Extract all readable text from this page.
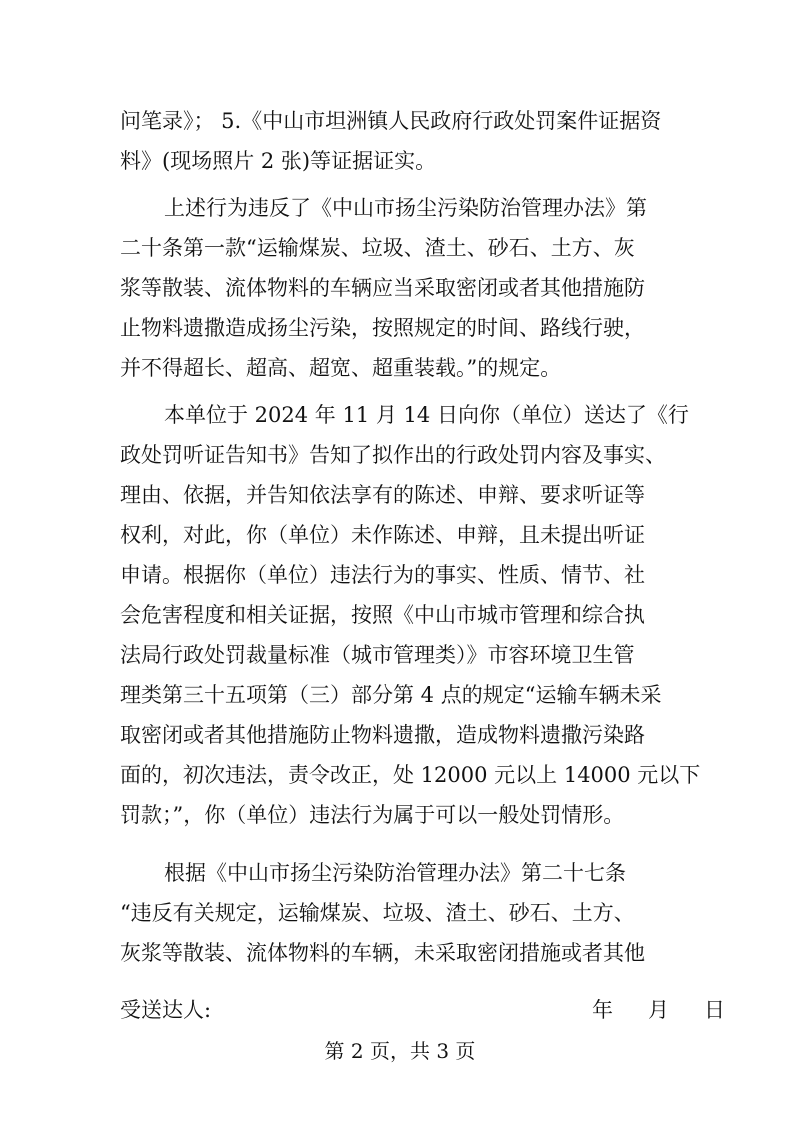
问笔录》； 5.《中山市坦洲镇人民政府行政处罚案件证据资
料》(现场照片 2 张)等证据证实。
上述行为违反了《中山市扬尘污染防治管理办法》第
二十条第一款“运输煤炭、垃圾、渣土、砂石、土方、灰
浆等散装、流体物料的车辆应当采取密闭或者其他措施防
止物料遗撒造成扬尘污染，按照规定的时间、路线行驶，
并不得超长、超高、超宽、超重装载。”的规定。
本单位于 2024 年 11 月 14 日向你（单位）送达了《行
政处罚听证告知书》告知了拟作出的行政处罚内容及事实、
理由、依据，并告知依法享有的陈述、申辩、要求听证等
权利，对此，你（单位）未作陈述、申辩，且未提出听证
申请。根据你（单位）违法行为的事实、性质、情节、社
会危害程度和相关证据，按照《中山市城市管理和综合执
法局行政处罚裁量标准（城市管理类）》市容环境卫生管
理类第三十五项第（三）部分第 4 点的规定“运输车辆未采
取密闭或者其他措施防止物料遗撒，造成物料遗撒污染路
面的，初次违法，责令改正，处 12000 元以上 14000 元以下
罚款；”，你（单位）违法行为属于可以一般处罚情形。
根据《中山市扬尘污染防治管理办法》第二十七条
“违反有关规定，运输煤炭、垃圾、渣土、砂石、土方、
灰浆等散装、流体物料的车辆，未采取密闭措施或者其他
受送达人:	年 月 日
第 2 页，共 3 页
